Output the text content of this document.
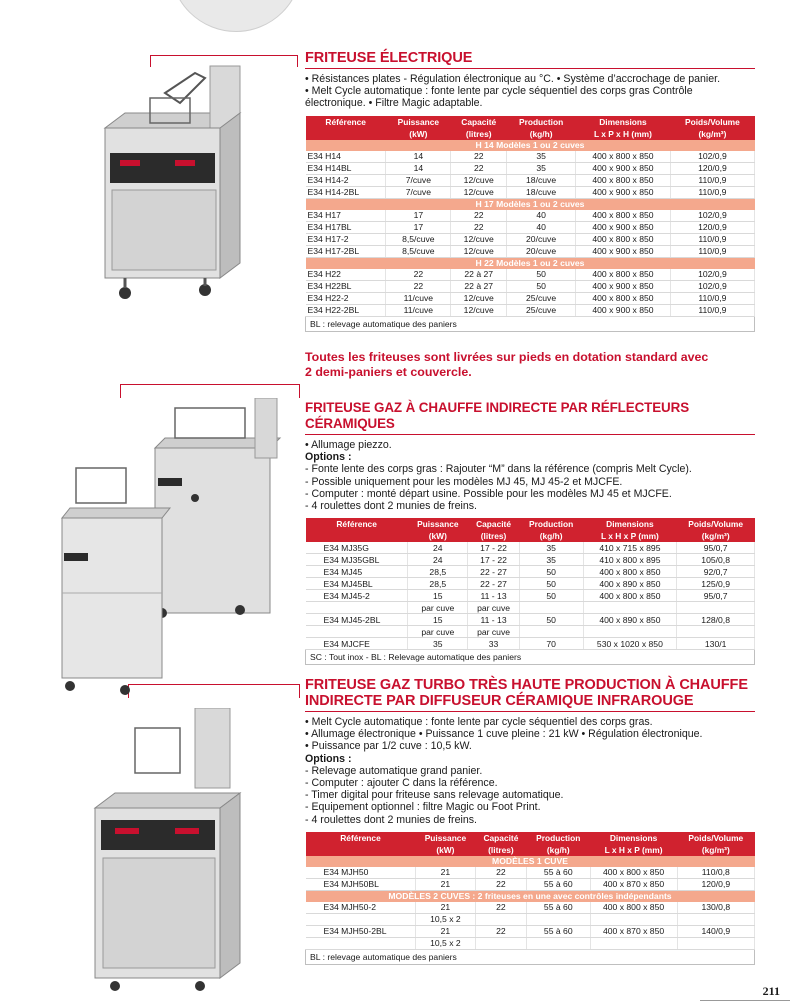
FRITEUSE ÉLECTRIQUE

• Résistances plates - Régulation électronique au °C. • Système d’accrochage de panier.
• Melt Cycle automatique : fonte lente par cycle séquentiel des corps gras Contrôle
électronique. • Filtre Magic adaptable.

Référence	Puissance	Capacité	Production	Dimensions	Poids/Volume
	(kW)	(litres)	(kg/h)	L x P x H (mm)	(kg/m³)
H 14 Modèles 1 ou 2 cuves					
E34 H14	14	22	35	400 x 800 x 850	102/0,9
E34 H14BL	14	22	35	400 x 900 x 850	120/0,9
E34 H14-2	7/cuve	12/cuve	18/cuve	400 x 800 x 850	110/0,9
E34 H14-2BL	7/cuve	12/cuve	18/cuve	400 x 900 x 850	110/0,9
H 17 Modèles 1 ou 2 cuves					
E34 H17	17	22	40	400 x 800 x 850	102/0,9
E34 H17BL	17	22	40	400 x 900 x 850	120/0,9
E34 H17-2	8,5/cuve	12/cuve	20/cuve	400 x 800 x 850	110/0,9
E34 H17-2BL	8,5/cuve	12/cuve	20/cuve	400 x 900 x 850	110/0,9
H 22 Modèles 1 ou 2 cuves					
E34 H22	22	22 à 27	50	400 x 800 x 850	102/0,9
E34 H22BL	22	22 à 27	50	400 x 900 x 850	102/0,9
E34 H22-2	11/cuve	12/cuve	25/cuve	400 x 800 x 850	110/0,9
E34 H22-2BL	11/cuve	12/cuve	25/cuve	400 x 900 x 850	110/0,9
BL : relevage automatique des paniers					
Toutes les friteuses sont livrées sur pieds en dotation standard avec
2 demi-paniers et couvercle.
FRITEUSE GAZ À CHAUFFE INDIRECTE PAR RÉFLECTEURS CÉRAMIQUES

• Allumage piezzo.
Options :
- Fonte lente des corps gras : Rajouter “M” dans la référence (compris Melt Cycle).
- Possible uniquement pour les modèles MJ 45, MJ 45-2 et MJCFE.
- Computer : monté départ usine. Possible pour les modèles MJ 45 et MJCFE.
- 4 roulettes dont 2 munies de freins.

Référence	Puissance	Capacité	Production	Dimensions	Poids/Volume
	(kW)	(litres)	(kg/h)	L x H x P (mm)	(kg/m³)
E34 MJ35G	24	17 - 22	35	410 x 715 x 895	95/0,7
E34 MJ35GBL	24	17 - 22	35	410 x 800 x 895	105/0,8
E34 MJ45	28,5	22 - 27	50	400 x 800 x 850	92/0,7
E34 MJ45BL	28,5	22 - 27	50	400 x 890 x 850	125/0,9
E34 MJ45-2	15	11 - 13	50	400 x 800 x 850	95/0,7
	par cuve	par cuve			
E34 MJ45-2BL	15	11 - 13	50	400 x 890 x 850	128/0,8
	par cuve	par cuve			
E34 MJCFE	35	33	70	530 x 1020 x 850	130/1
SC : Tout inox - BL : Relevage automatique des paniers					
FRITEUSE GAZ TURBO TRÈS HAUTE PRODUCTION À CHAUFFE
INDIRECTE PAR DIFFUSEUR CÉRAMIQUE INFRAROUGE

• Melt Cycle automatique : fonte lente par cycle séquentiel des corps gras.
• Allumage électronique • Puissance 1 cuve pleine : 21 kW • Régulation électronique.
• Puissance par 1/2 cuve : 10,5 kW.
Options :
- Relevage automatique grand panier.
- Computer : ajouter C dans la référence.
- Timer digital pour friteuse sans relevage automatique.
- Equipement optionnel : filtre Magic ou Foot Print.
- 4 roulettes dont 2 munies de freins.

Référence	Puissance	Capacité	Production	Dimensions	Poids/Volume
	(kW)	(litres)	(kg/h)	L x H x P (mm)	(kg/m³)
MODÈLES 1 CUVE					
E34 MJH50	21	22	55 à 60	400 x 800 x 850	110/0,8
E34 MJH50BL	21	22	55 à 60	400 x 870 x 850	120/0,9
MODÈLES 2 CUVES : 2 friteuses en une avec contrôles indépendants					
E34 MJH50-2	21	22	55 à 60	400 x 800 x 850	130/0,8
	10,5 x 2				
E34 MJH50-2BL	21	22	55 à 60	400 x 870 x 850	140/0,9
	10,5 x 2				
BL : relevage automatique des paniers					
211
